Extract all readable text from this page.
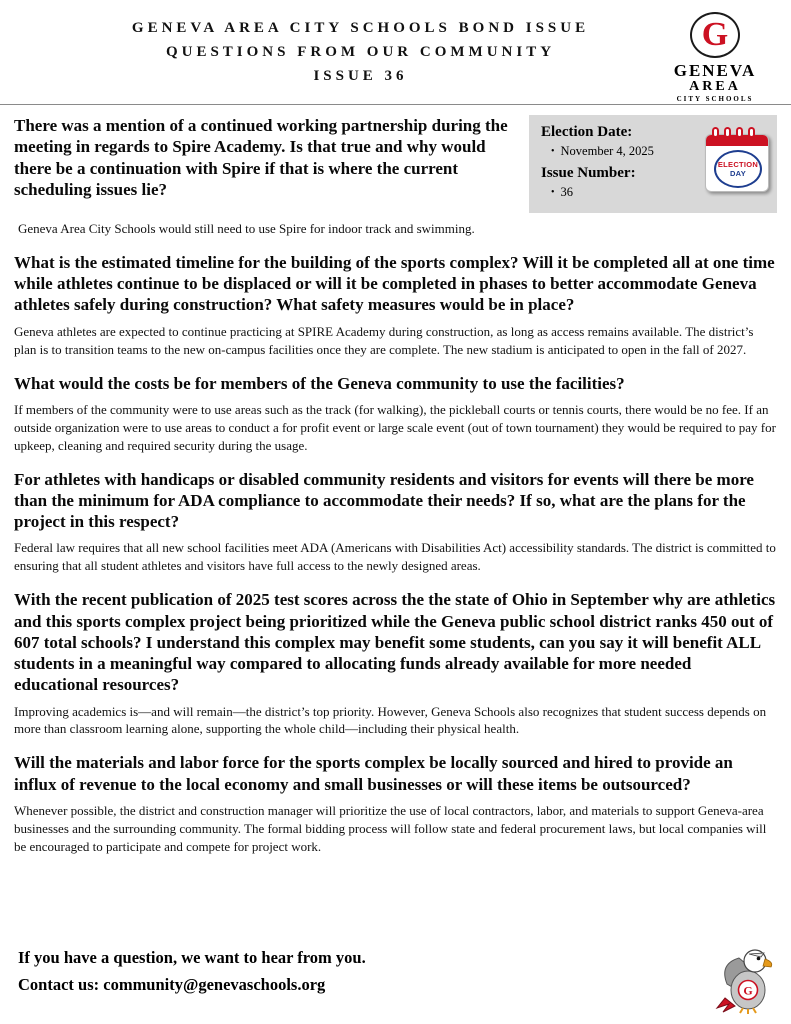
GENEVA AREA CITY SCHOOLS BOND ISSUE
QUESTIONS FROM OUR COMMUNITY
ISSUE 36
G
GENEVA
AREA
CITY SCHOOLS
There was a mention of a continued working partnership during the meeting in regards to Spire Academy. Is that true and why would there be a continuation with Spire if that is where the current scheduling issues lie?
Election Date:
• November 4, 2025
Issue Number:
• 36
ELECTION
DAY

Geneva Area City Schools would still need to use Spire for indoor track and swimming.

What is the estimated timeline for the building of the sports complex? Will it be completed all at one time while athletes continue to be displaced or will it be completed in phases to better accommodate Geneva athletes safely during construction? What safety measures would be in place?

Geneva athletes are expected to continue practicing at SPIRE Academy during construction, as long as access remains available. The district’s plan is to transition teams to the new on-campus facilities once they are complete. The new stadium is anticipated to open in the fall of 2027.

What would the costs be for members of the Geneva community to use the facilities?

If members of the community were to use areas such as the track (for walking), the pickleball courts or tennis courts, there would be no fee. If an outside organization were to use areas to conduct a for profit event or large scale event (out of town tournament) they would be required to pay for upkeep, cleaning and required security during the usage.

For athletes with handicaps or disabled community residents and visitors for events will there be more than the minimum for ADA compliance to accommodate their needs? If so, what are the plans for the project in this respect?

Federal law requires that all new school facilities meet ADA (Americans with Disabilities Act) accessibility standards. The district is committed to ensuring that all student athletes and visitors have full access to the newly designed areas.

With the recent publication of 2025 test scores across the the state of Ohio in September why are athletics and this sports complex project being prioritized while the Geneva public school district ranks 450 out of 607 total schools? I understand this complex may benefit some students, can you say it will benefit ALL students in a meaningful way compared to allocating funds already available for more needed educational resources?

Improving academics is—and will remain—the district’s top priority. However, Geneva Schools also recognizes that student success depends on more than classroom learning alone, supporting the whole child—including their physical health.

Will the materials and labor force for the sports complex be locally sourced and hired to provide an influx of revenue to the local economy and small businesses or will these items be outsourced?

Whenever possible, the district and construction manager will prioritize the use of local contractors, labor, and materials to support Geneva-area businesses and the surrounding community. The formal bidding process will follow state and federal procurement laws, but local companies will be encouraged to participate and compete for project work.

If you have a question, we want to hear from you.
Contact us: community@genevaschools.org	G
